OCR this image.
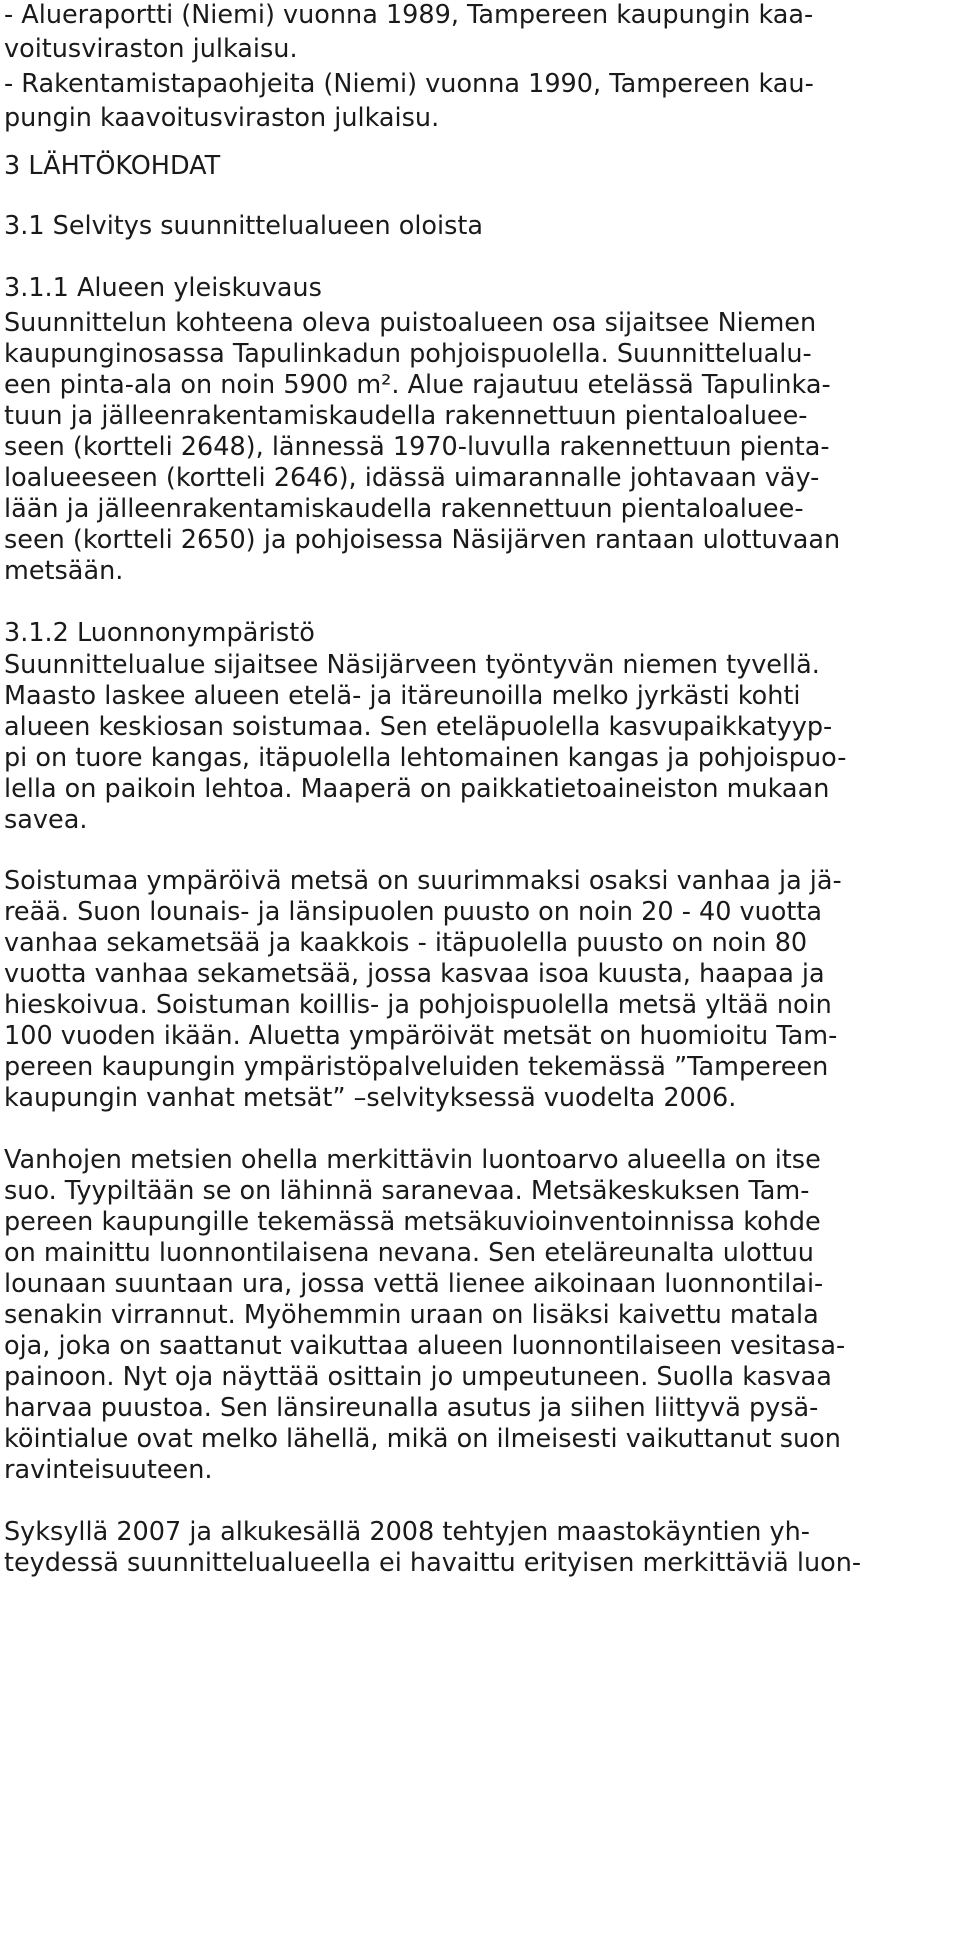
- Alueraportti (Niemi) vuonna 1989, Tampereen kaupungin kaa-
voitusviraston julkaisu.
- Rakentamistapaohjeita (Niemi) vuonna 1990, Tampereen kau-
pungin kaavoitusviraston julkaisu.
3 LÄHTÖKOHDAT
3.1 Selvitys suunnittelualueen oloista
3.1.1 Alueen yleiskuvaus
Suunnittelun kohteena oleva puistoalueen osa sijaitsee Niemen
kaupunginosassa Tapulinkadun pohjoispuolella. Suunnittelualu-
een pinta-ala on noin 5900 m². Alue rajautuu etelässä Tapulinka-
tuun ja jälleenrakentamiskaudella rakennettuun pientaloaluee-
seen (kortteli 2648), lännessä 1970-luvulla rakennettuun pienta-
loalueeseen (kortteli 2646), idässä uimarannalle johtavaan väy-
lään ja jälleenrakentamiskaudella rakennettuun pientaloaluee-
seen (kortteli 2650) ja pohjoisessa Näsijärven rantaan ulottuvaan
metsään.
3.1.2 Luonnonympäristö
Suunnittelualue sijaitsee Näsijärveen työntyvän niemen tyvellä.
Maasto laskee alueen etelä- ja itäreunoilla melko jyrkästi kohti
alueen keskiosan soistumaa. Sen eteläpuolella kasvupaikkatyyp-
pi on tuore kangas, itäpuolella lehtomainen kangas ja pohjoispuo-
lella on paikoin lehtoa. Maaperä on paikkatietoaineiston mukaan
savea.
Soistumaa ympäröivä metsä on suurimmaksi osaksi vanhaa ja jä-
reää. Suon lounais- ja länsipuolen puusto on noin 20 - 40 vuotta
vanhaa sekametsää ja kaakkois - itäpuolella puusto on noin 80
vuotta vanhaa sekametsää, jossa kasvaa isoa kuusta, haapaa ja
hieskoivua. Soistuman koillis- ja pohjoispuolella metsä yltää noin
100 vuoden ikään. Aluetta ympäröivät metsät on huomioitu Tam-
pereen kaupungin ympäristöpalveluiden tekemässä ”Tampereen
kaupungin vanhat metsät” –selvityksessä vuodelta 2006.
Vanhojen metsien ohella merkittävin luontoarvo alueella on itse
suo. Tyypiltään se on lähinnä saranevaa. Metsäkeskuksen Tam-
pereen kaupungille tekemässä metsäkuvioinventoinnissa kohde
on mainittu luonnontilaisena nevana. Sen eteläreunalta ulottuu
lounaan suuntaan ura, jossa vettä lienee aikoinaan luonnontilai-
senakin virrannut. Myöhemmin uraan on lisäksi kaivettu matala
oja, joka on saattanut vaikuttaa alueen luonnontilaiseen vesitasa-
painoon. Nyt oja näyttää osittain jo umpeutuneen. Suolla kasvaa
harvaa puustoa. Sen länsireunalla asutus ja siihen liittyvä pysä-
köintialue ovat melko lähellä, mikä on ilmeisesti vaikuttanut suon
ravinteisuuteen.
Syksyllä 2007 ja alkukesällä 2008 tehtyjen maastokäyntien yh-
teydessä suunnittelualueella ei havaittu erityisen merkittäviä luon-
